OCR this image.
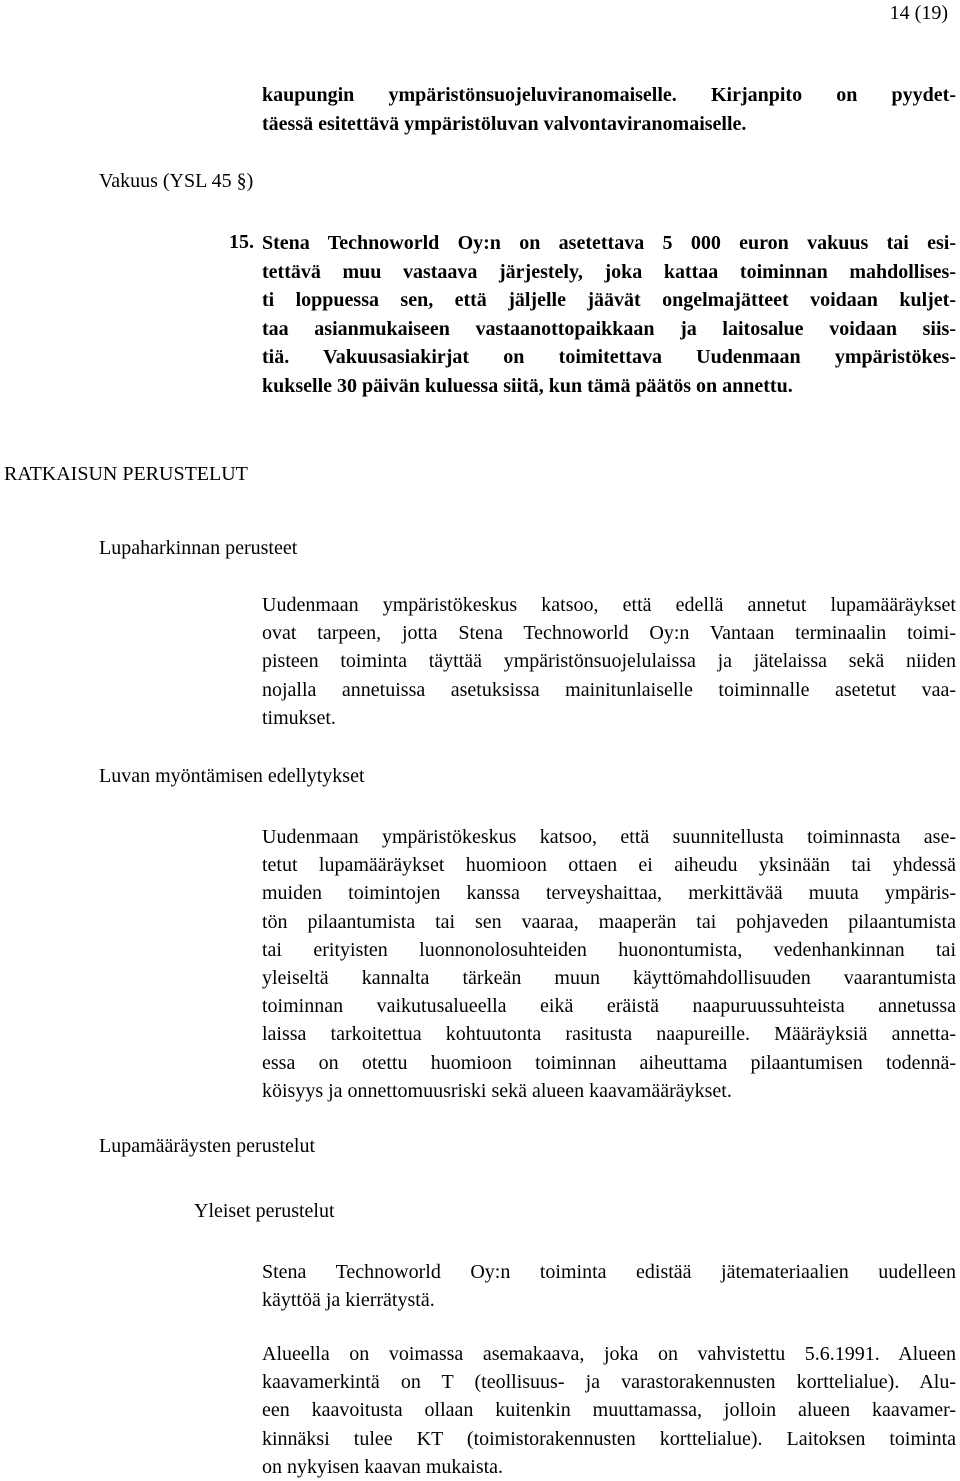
14 (19)
kaupungin ympäristönsuojeluviranomaiselle. Kirjanpito on pyydet-
täessä esitettävä ympäristöluvan valvontaviranomaiselle.
Vakuus (YSL 45 §)
15. Stena Technoworld Oy:n on asetettava 5 000 euron vakuus tai esi-
tettävä muu vastaava järjestely, joka kattaa toiminnan mahdollises-
ti loppuessa sen, että jäljelle jäävät ongelmajätteet voidaan kuljet-
taa asianmukaiseen vastaanottopaikkaan ja laitosalue voidaan siis-
tiä. Vakuusasiakirjat on toimitettava Uudenmaan ympäristökes-
kukselle 30 päivän kuluessa siitä, kun tämä päätös on annettu.
RATKAISUN PERUSTELUT
Lupaharkinnan perusteet
Uudenmaan ympäristökeskus katsoo, että edellä annetut lupamääräykset
ovat tarpeen, jotta Stena Technoworld Oy:n Vantaan terminaalin toimi-
pisteen toiminta täyttää ympäristönsuojelulaissa ja jätelaissa sekä niiden
nojalla annetuissa asetuksissa mainitunlaiselle toiminnalle asetetut vaa-
timukset.
Luvan myöntämisen edellytykset
Uudenmaan ympäristökeskus katsoo, että suunnitellusta toiminnasta ase-
tetut lupamääräykset huomioon ottaen ei aiheudu yksinään tai yhdessä
muiden toimintojen kanssa terveyshaittaa, merkittävää muuta ympäris-
tön pilaantumista tai sen vaaraa, maaperän tai pohjaveden pilaantumista
tai erityisten luonnonolosuhteiden huonontumista, vedenhankinnan tai
yleiseltä kannalta tärkeän muun käyttömahdollisuuden vaarantumista
toiminnan vaikutusalueella eikä eräistä naapuruussuhteista annetussa
laissa tarkoitettua kohtuutonta rasitusta naapureille. Määräyksiä annetta-
essa on otettu huomioon toiminnan aiheuttama pilaantumisen todennä-
köisyys ja onnettomuusriski sekä alueen kaavamääräykset.
Lupamääräysten perustelut
Yleiset perustelut
Stena Technoworld Oy:n toiminta edistää jätemateriaalien uudelleen
käyttöä ja kierrätystä.
Alueella on voimassa asemakaava, joka on vahvistettu 5.6.1991. Alueen
kaavamerkintä on T (teollisuus- ja varastorakennusten korttelialue). Alu-
een kaavoitusta ollaan kuitenkin muuttamassa, jolloin alueen kaavamer-
kinnäksi tulee KT (toimistorakennusten korttelialue). Laitoksen toiminta
on nykyisen kaavan mukaista.
